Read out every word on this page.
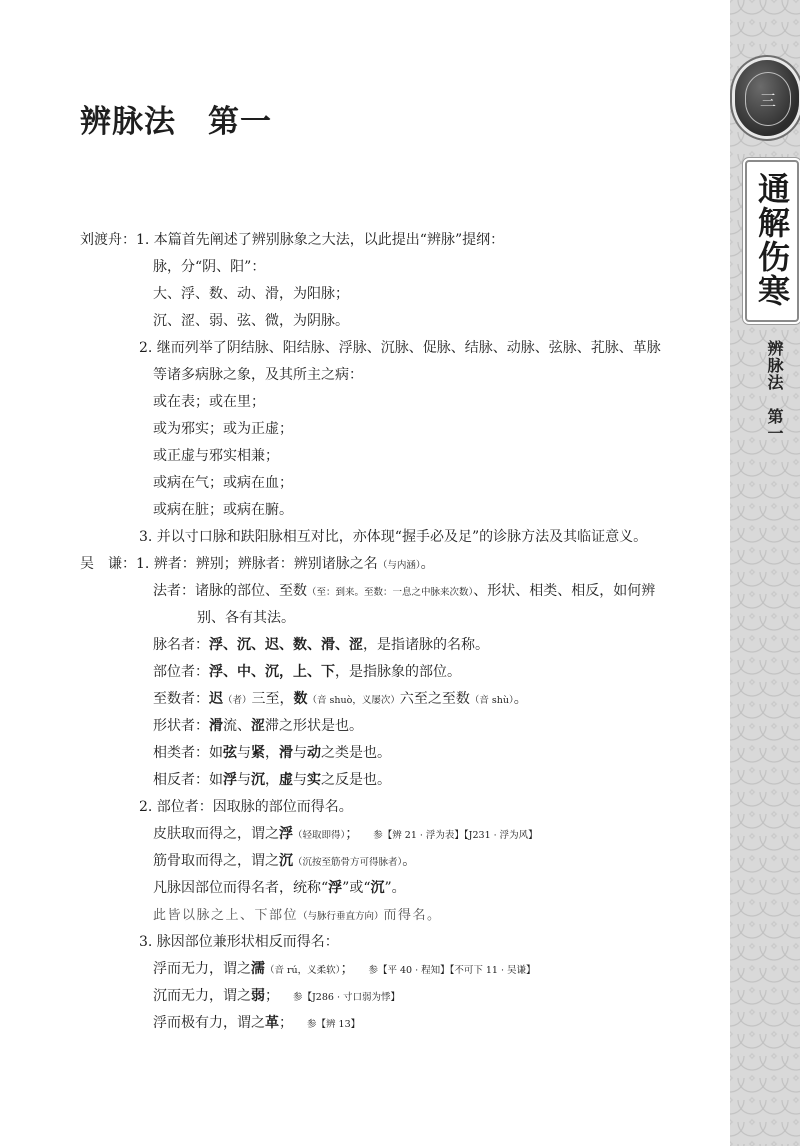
辨脉法　第一
刘渡舟：1. 本篇首先阐述了辨别脉象之大法，以此提出“辨脉”提纲：
脉，分“阴、阳”：
大、浮、数、动、滑，为阳脉；
沉、涩、弱、弦、微，为阴脉。
2. 继而列举了阴结脉、阳结脉、浮脉、沉脉、促脉、结脉、动脉、弦脉、芤脉、革脉
等诸多病脉之象，及其所主之病：
或在表；或在里；
或为邪实；或为正虚；
或正虚与邪实相兼；
或病在气；或病在血；
或病在脏；或病在腑。
3. 并以寸口脉和趺阳脉相互对比，亦体现“握手必及足”的诊脉方法及其临证意义。
吴　谦：1. 辨者：辨别；辨脉者：辨别诸脉之名（与内涵）。
法者：诸脉的部位、至数（至：到来。至数：一息之中脉来次数）、形状、相类、相反，如何辨
别、各有其法。
脉名者：浮、沉、迟、数、滑、涩，是指诸脉的名称。
部位者：浮、中、沉，上、下，是指脉象的部位。
至数者：迟（者）三至，数（音 shuò，义屡次）六至之至数（音 shù）。
形状者：滑流、涩滞之形状是也。
相类者：如弦与紧，滑与动之类是也。
相反者：如浮与沉，虚与实之反是也。
2. 部位者：因取脉的部位而得名。
皮肤取而得之，谓之浮（轻取即得）； 参【辨 21 · 浮为表】【J231 · 浮为风】
筋骨取而得之，谓之沉（沉按至筋骨方可得脉者）。
凡脉因部位而得名者，统称“浮”或“沉”。
此皆以脉之上、下部位（与脉行垂直方向）而得名。
3. 脉因部位兼形状相反而得名：
浮而无力，谓之濡（音 rú，义柔软）； 参【平 40 · 程知】【不可下 11 · 吴谦】
沉而无力，谓之弱； 参【J286 · 寸口弱为悸】
浮而极有力，谓之革； 参【辨 13】
三
通解伤寒
辨脉法　第一
